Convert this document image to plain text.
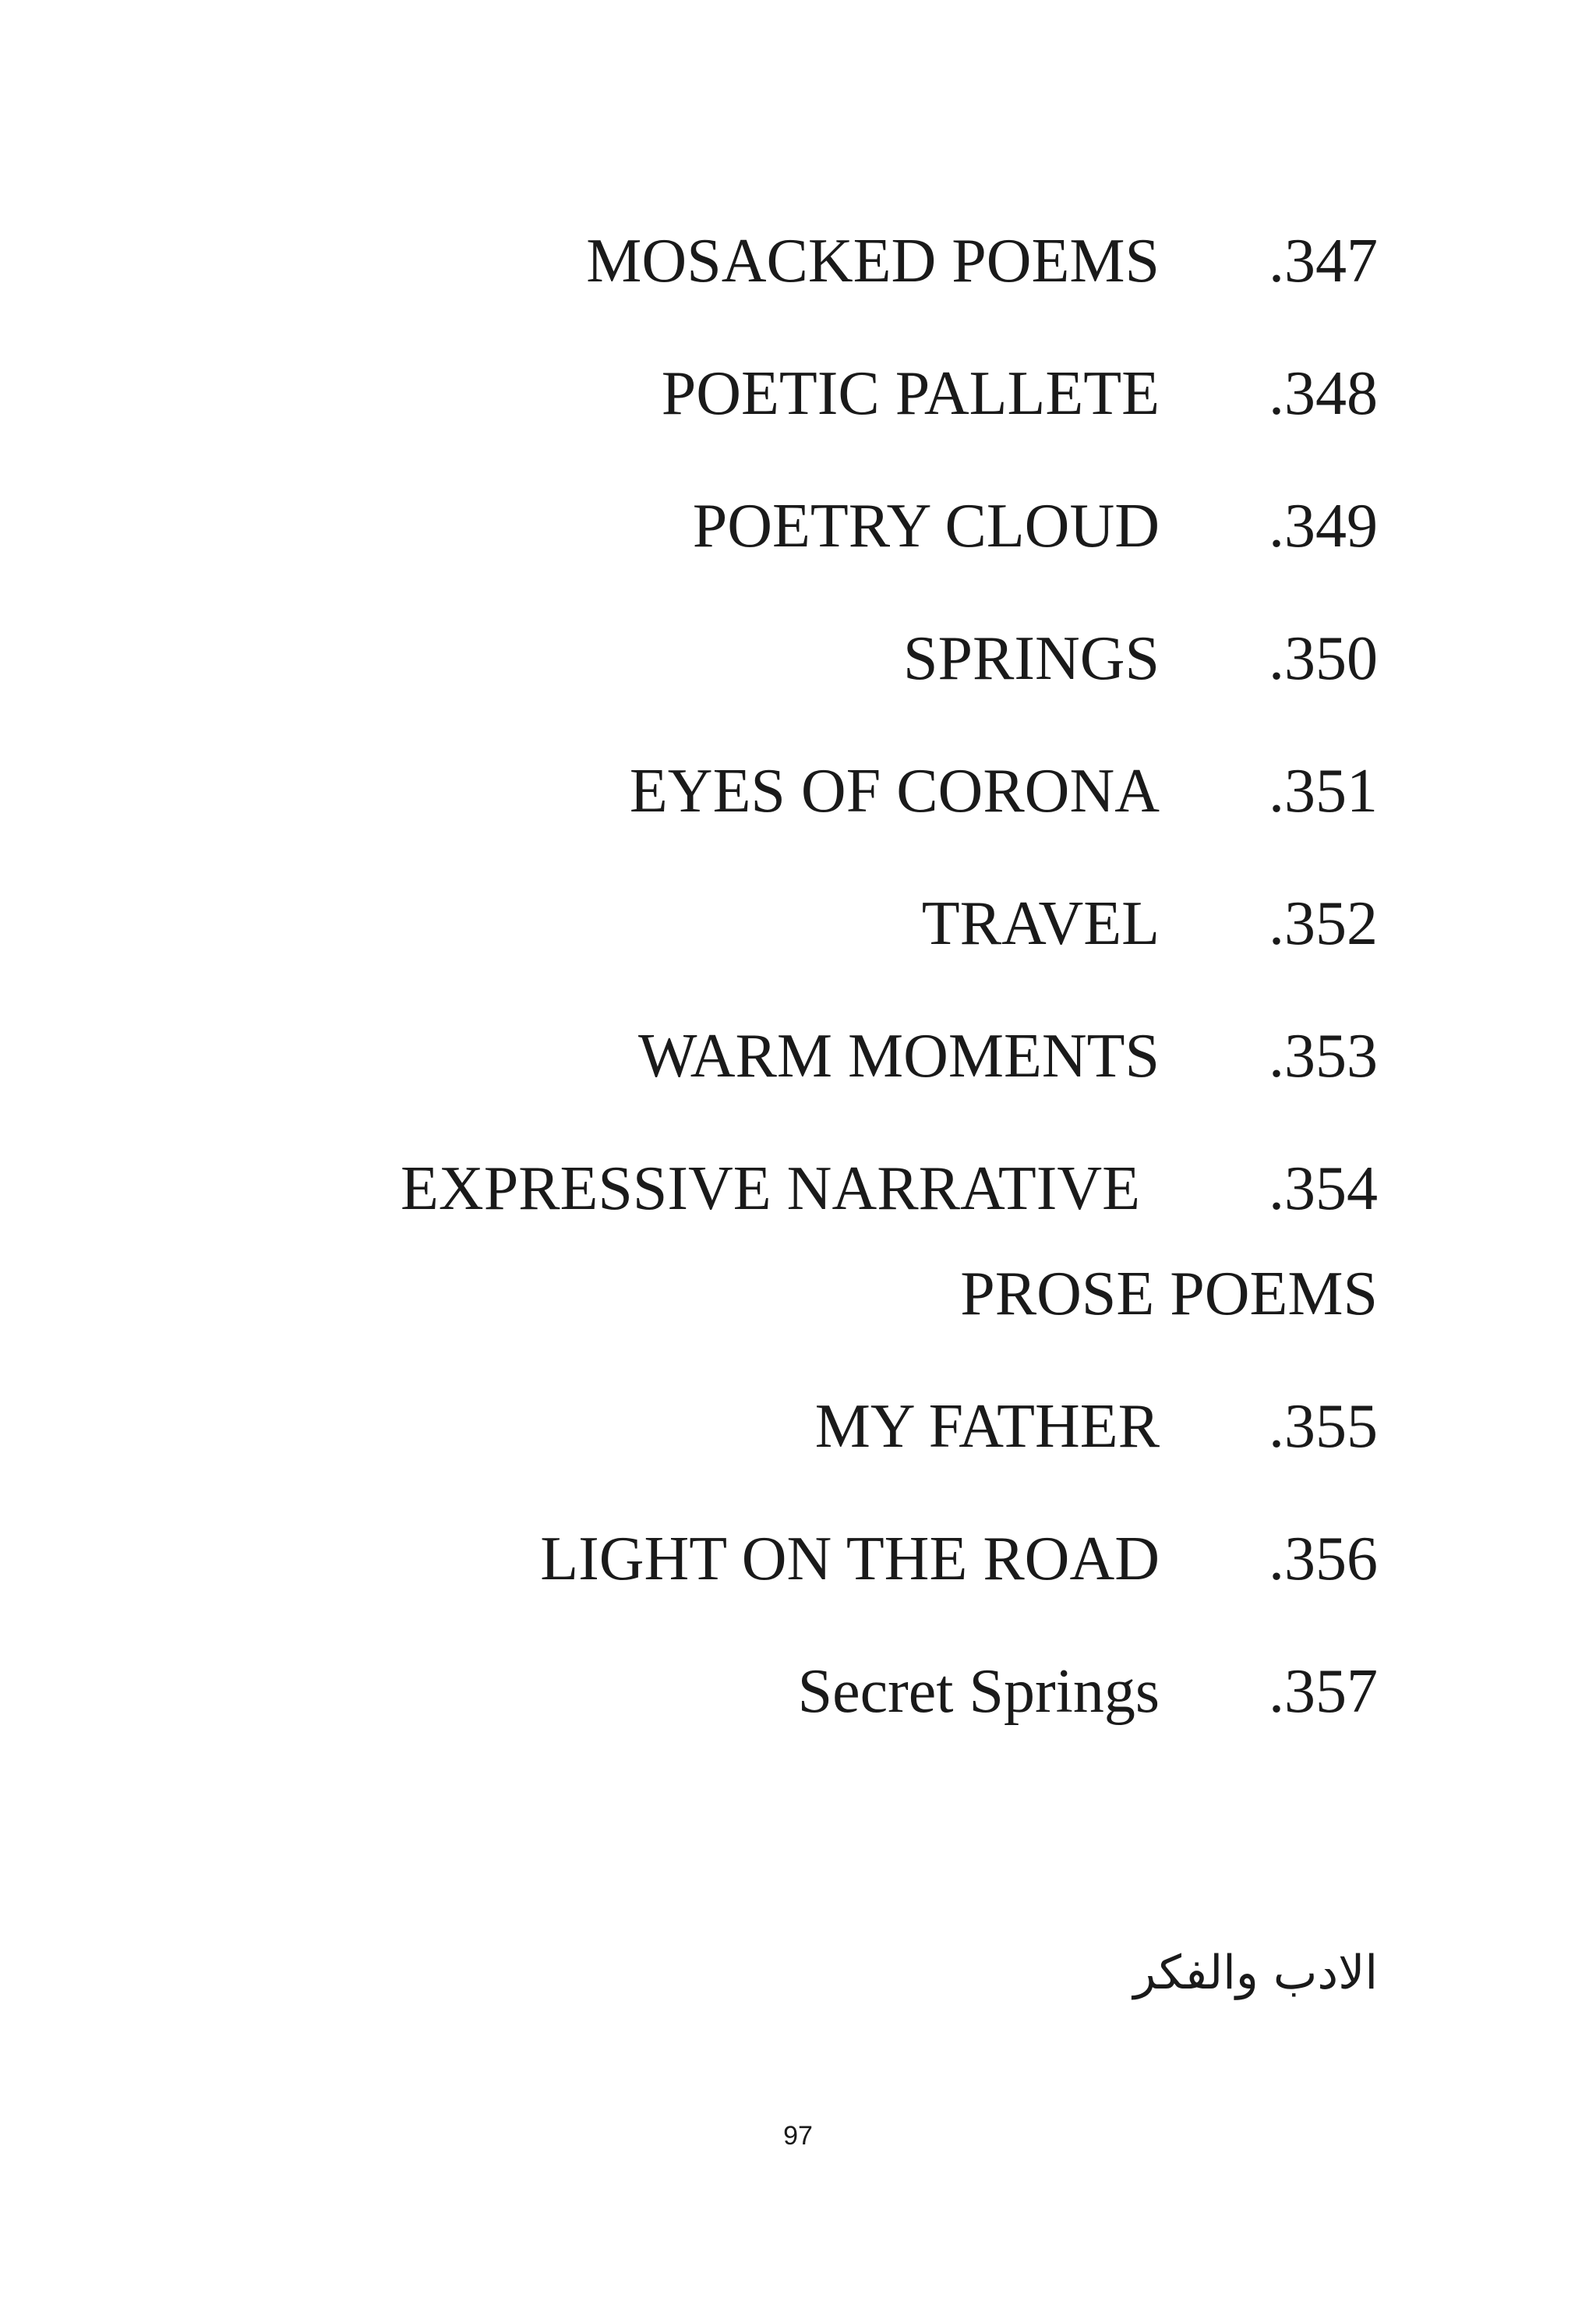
MOSACKED POEMS .347
POETIC PALLETE .348
POETRY CLOUD .349
SPRINGS .350
EYES OF CORONA .351
TRAVEL .352
WARM MOMENTS .353
EXPRESSIVE NARRATIVE .354
PROSE POEMS
MY FATHER .355
LIGHT ON THE ROAD .356
Secret Springs .357
الادب والفكر
97
